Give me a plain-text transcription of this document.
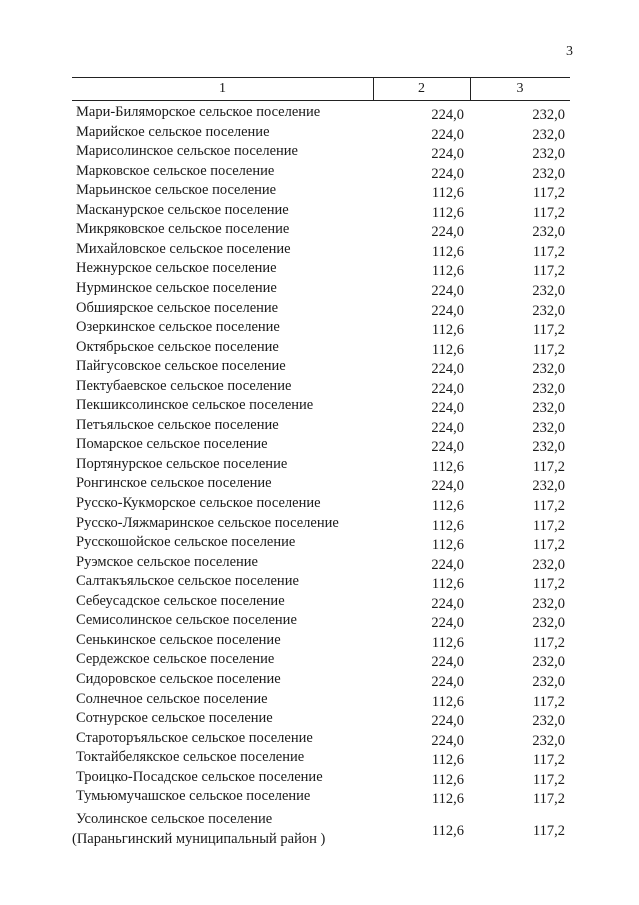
3
1	2	3
Мари-Биляморское сельское поселение	224,0	232,0
Марийское сельское поселение	224,0	232,0
Марисолинское сельское поселение	224,0	232,0
Марковское сельское поселение	224,0	232,0
Марьинское сельское поселение	112,6	117,2
Масканурское сельское поселение	112,6	117,2
Микряковское сельское поселение	224,0	232,0
Михайловское сельское поселение	112,6	117,2
Нежнурское сельское поселение	112,6	117,2
Нурминское сельское поселение	224,0	232,0
Обшиярское сельское поселение	224,0	232,0
Озеркинское сельское поселение	112,6	117,2
Октябрьское сельское поселение	112,6	117,2
Пайгусовское сельское поселение	224,0	232,0
Пектубаевское сельское поселение	224,0	232,0
Пекшиксолинское сельское поселение	224,0	232,0
Петъяльское сельское поселение	224,0	232,0
Помарское сельское поселение	224,0	232,0
Портянурское сельское поселение	112,6	117,2
Ронгинское сельское поселение	224,0	232,0
Русско-Кукморское сельское поселение	112,6	117,2
Русско-Ляжмаринское сельское поселение	112,6	117,2
Русскошойское сельское поселение	112,6	117,2
Руэмское сельское поселение	224,0	232,0
Салтакъяльское сельское поселение	112,6	117,2
Себеусадское сельское поселение	224,0	232,0
Семисолинское сельское поселение	224,0	232,0
Сенькинское сельское поселение	112,6	117,2
Сердежское сельское поселение	224,0	232,0
Сидоровское сельское поселение	224,0	232,0
Солнечное сельское поселение	112,6	117,2
Сотнурское сельское поселение	224,0	232,0
Староторъяльское сельское поселение	224,0	232,0
Токтайбелякское сельское поселение	112,6	117,2
Троицко-Посадское сельское поселение	112,6	117,2
Тумьюмучашское сельское поселение	112,6	117,2
Усолинское сельское поселение
(Параньгинский муниципальный район )	112,6	117,2
